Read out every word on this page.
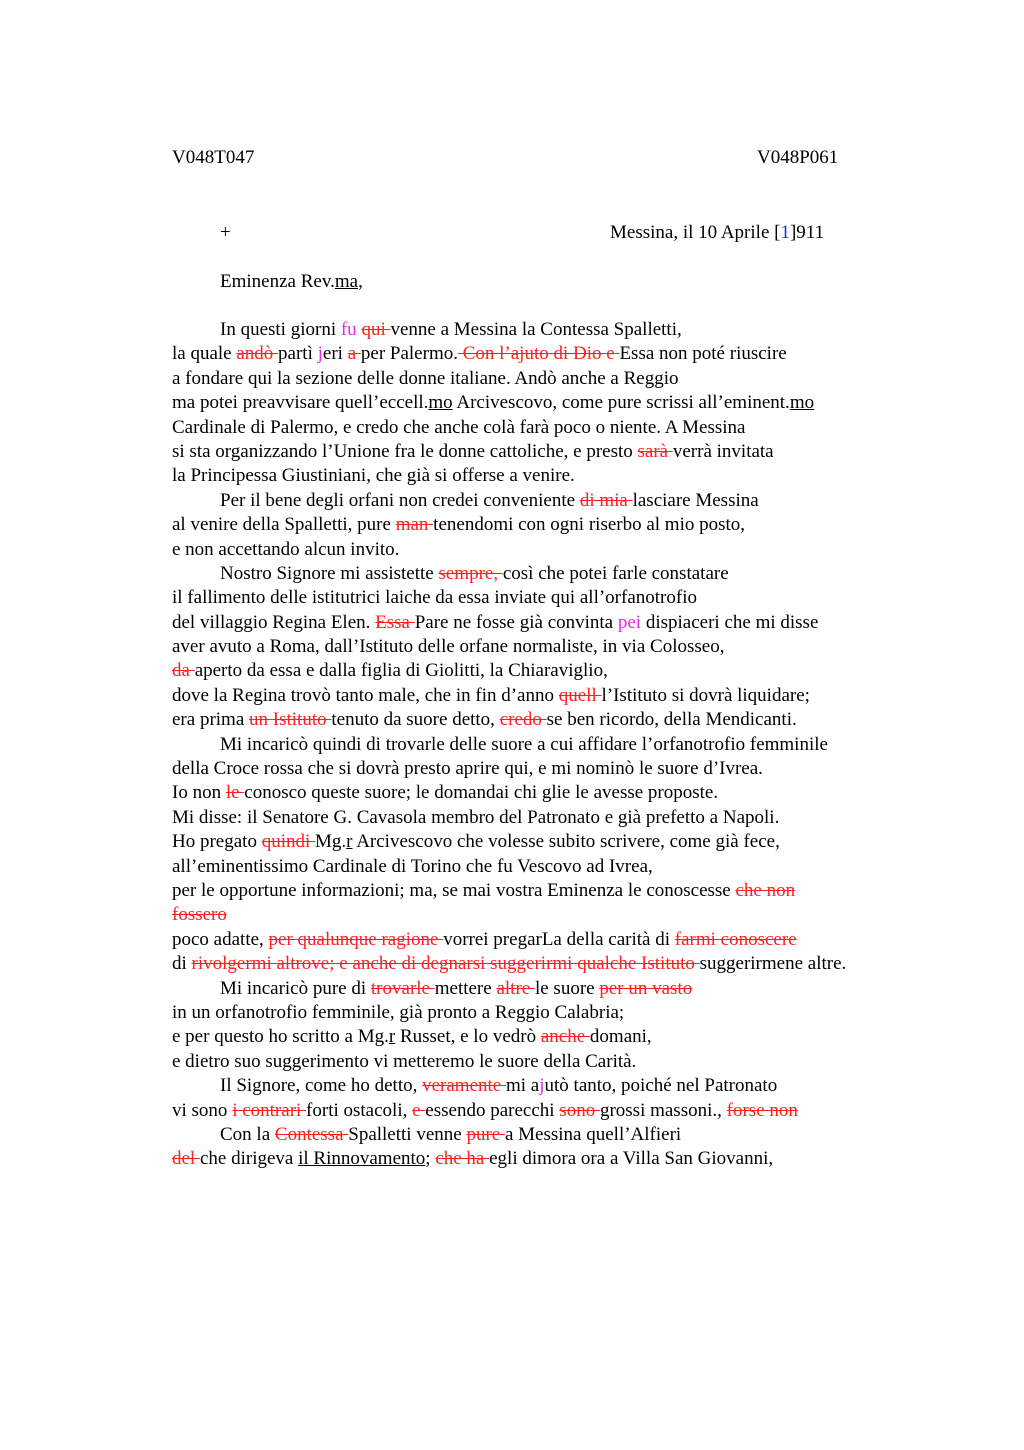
V048T047	V048P061
+	Messina, il 10 Aprile [1]911
Eminenza Rev.ma,
In questi giorni fu qui venne a Messina la Contessa Spalletti,
la quale andò partì jeri a per Palermo. Con l’ajuto di Dio e Essa non poté riuscire
a fondare qui la sezione delle donne italiane. Andò anche a Reggio
ma potei preavvisare quell’eccell.mo Arcivescovo, come pure scrissi all’eminent.mo
Cardinale di Palermo, e credo che anche colà farà poco o niente. A Messina
si sta organizzando l’Unione fra le donne cattoliche, e presto sarà verrà invitata
la Principessa Giustiniani, che già si offerse a venire.
Per il bene degli orfani non credei conveniente di mia lasciare Messina
al venire della Spalletti, pure man tenendomi con ogni riserbo al mio posto,
e non accettando alcun invito.
Nostro Signore mi assistette sempre, così che potei farle constatare
il fallimento delle istitutrici laiche da essa inviate qui all’orfanotrofio
del villaggio Regina Elen. Essa Pare ne fosse già convinta pei dispiaceri che mi disse
aver avuto a Roma, dall’Istituto delle orfane normaliste, in via Colosseo,
da aperto da essa e dalla figlia di Giolitti, la Chiaraviglio,
dove la Regina trovò tanto male, che in fin d’anno quell l’Istituto si dovrà liquidare;
era prima un Istituto tenuto da suore detto, credo se ben ricordo, della Mendicanti.
Mi incaricò quindi di trovarle delle suore a cui affidare l’orfanotrofio femminile
della Croce rossa che si dovrà presto aprire qui, e mi nominò le suore d’Ivrea.
Io non le conosco queste suore; le domandai chi glie le avesse proposte.
Mi disse: il Senatore G. Cavasola membro del Patronato e già prefetto a Napoli.
Ho pregato quindi Mg.r Arcivescovo che volesse subito scrivere, come già fece,
all’eminentissimo Cardinale di Torino che fu Vescovo ad Ivrea,
per le opportune informazioni; ma, se mai vostra Eminenza le conoscesse che non
fossero
poco adatte, per qualunque ragione vorrei pregarLa della carità di farmi conoscere
di rivolgermi altrove; e anche di degnarsi suggerirmi qualche Istituto suggerirmene altre.
Mi incaricò pure di trovarle mettere altre le suore per un vasto
in un orfanotrofio femminile, già pronto a Reggio Calabria;
e per questo ho scritto a Mg.r Russet, e lo vedrò anche domani,
e dietro suo suggerimento vi metteremo le suore della Carità.
Il Signore, come ho detto, veramente mi ajutò tanto, poiché nel Patronato
vi sono i contrari forti ostacoli, e essendo parecchi sono grossi massoni., forse non
Con la Contessa Spalletti venne pure a Messina quell’Alfieri
del che dirigeva il Rinnovamento; che ha egli dimora ora a Villa San Giovanni,
